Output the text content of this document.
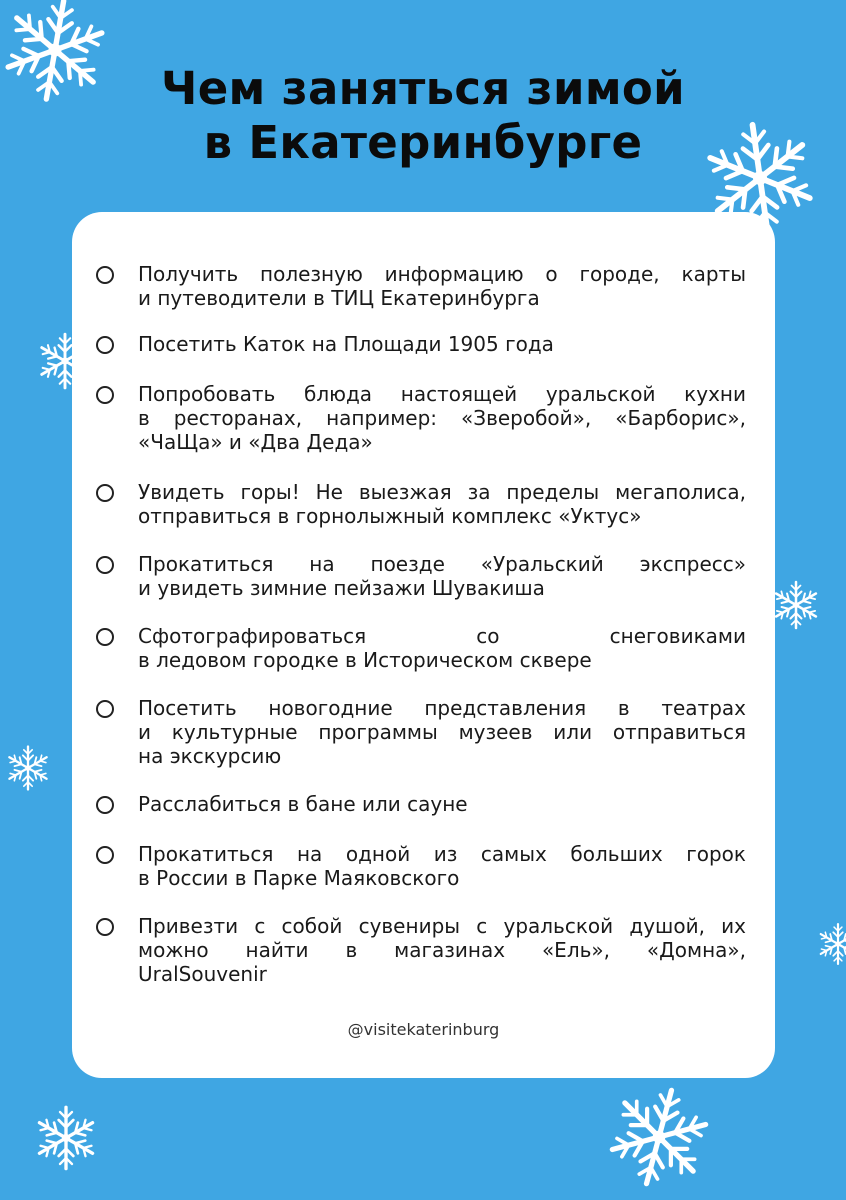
Чем заняться зимой
в Екатеринбурге
Получить полезную информацию о городе, карты
и путеводители в ТИЦ Екатеринбурга
Посетить Каток на Площади 1905 года
Попробовать блюда настоящей уральской кухни
в ресторанах, например: «Зверобой», «Барборис»,
«ЧаЩа» и «Два Деда»
Увидеть горы! Не выезжая за пределы мегаполиса,
отправиться в горнолыжный комплекс «Уктус»
Прокатиться на поезде «Уральский экспресс»
и увидеть зимние пейзажи Шувакиша
Сфотографироваться со снеговиками
в ледовом городке в Историческом сквере
Посетить новогодние представления в театрах
и культурные программы музеев или отправиться
на экскурсию
Расслабиться в бане или сауне
Прокатиться на одной из самых больших горок
в России в Парке Маяковского
Привезти с собой сувениры с уральской душой, их
можно найти в магазинах «Ель», «Домна»,
UralSouvenir
@visitekaterinburg
